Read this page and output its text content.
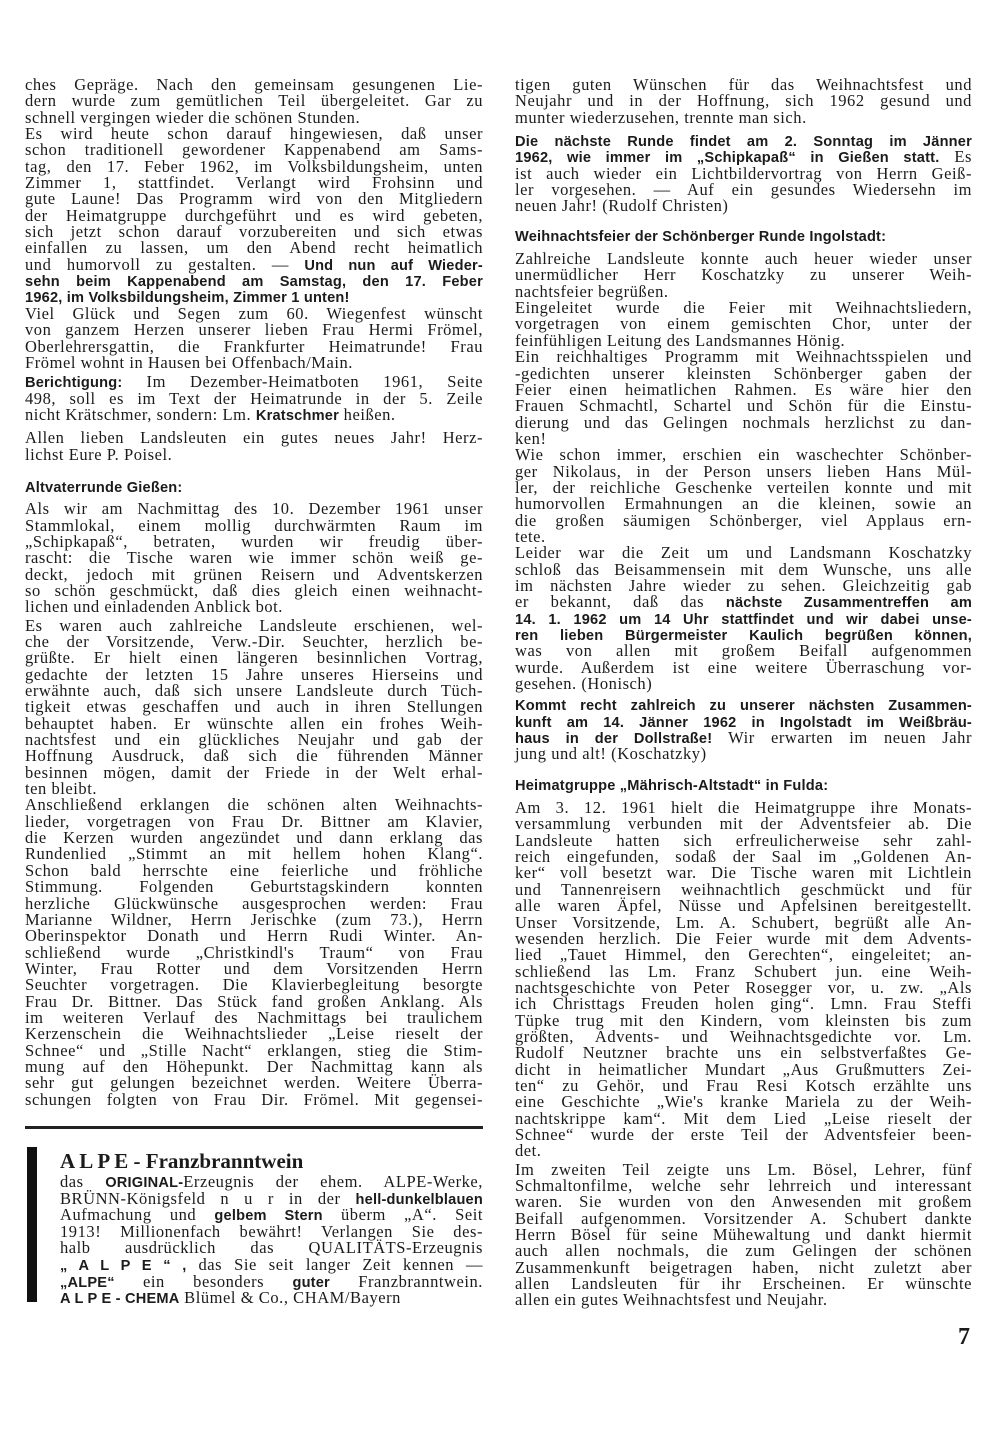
ches Gepräge. Nach den gemeinsam gesungenen Lie-
dern wurde zum gemütlichen Teil übergeleitet. Gar zu
schnell vergingen wieder die schönen Stunden.
Es wird heute schon darauf hingewiesen, daß unser
schon traditionell gewordener Kappenabend am Sams-
tag, den 17. Feber 1962, im Volksbildungsheim, unten
Zimmer 1, stattfindet. Verlangt wird Frohsinn und
gute Laune! Das Programm wird von den Mitgliedern
der Heimatgruppe durchgeführt und es wird gebeten,
sich jetzt schon darauf vorzubereiten und sich etwas
einfallen zu lassen, um den Abend recht heimatlich
und humorvoll zu gestalten. — Und nun auf Wieder-
sehn beim Kappenabend am Samstag, den 17. Feber
1962, im Volksbildungsheim, Zimmer 1 unten!
Viel Glück und Segen zum 60. Wiegenfest wünscht
von ganzem Herzen unserer lieben Frau Hermi Frömel,
Oberlehrersgattin, die Frankfurter Heimatrunde! Frau
Frömel wohnt in Hausen bei Offenbach/Main.
Berichtigung: Im Dezember-Heimatboten 1961, Seite
498, soll es im Text der Heimatrunde in der 5. Zeile
nicht Krätschmer, sondern: Lm. Kratschmer heißen.
Allen lieben Landsleuten ein gutes neues Jahr! Herz-
lichst Eure P. Poisel.
Altvaterrunde Gießen:
Als wir am Nachmittag des 10. Dezember 1961 unser
Stammlokal, einem mollig durchwärmten Raum im
„Schipkapaß“, betraten, wurden wir freudig über-
rascht: die Tische waren wie immer schön weiß ge-
deckt, jedoch mit grünen Reisern und Adventskerzen
so schön geschmückt, daß dies gleich einen weihnacht-
lichen und einladenden Anblick bot.
Es waren auch zahlreiche Landsleute erschienen, wel-
che der Vorsitzende, Verw.-Dir. Seuchter, herzlich be-
grüßte. Er hielt einen längeren besinnlichen Vortrag,
gedachte der letzten 15 Jahre unseres Hierseins und
erwähnte auch, daß sich unsere Landsleute durch Tüch-
tigkeit etwas geschaffen und auch in ihren Stellungen
behauptet haben. Er wünschte allen ein frohes Weih-
nachtsfest und ein glückliches Neujahr und gab der
Hoffnung Ausdruck, daß sich die führenden Männer
besinnen mögen, damit der Friede in der Welt erhal-
ten bleibt.
Anschließend erklangen die schönen alten Weihnachts-
lieder, vorgetragen von Frau Dr. Bittner am Klavier,
die Kerzen wurden angezündet und dann erklang das
Rundenlied „Stimmt an mit hellem hohen Klang“.
Schon bald herrschte eine feierliche und fröhliche
Stimmung. Folgenden Geburtstagskindern konnten
herzliche Glückwünsche ausgesprochen werden: Frau
Marianne Wildner, Herrn Jerischke (zum 73.), Herrn
Oberinspektor Donath und Herrn Rudi Winter. An-
schließend wurde „Christkindl's Traum“ von Frau
Winter, Frau Rotter und dem Vorsitzenden Herrn
Seuchter vorgetragen. Die Klavierbegleitung besorgte
Frau Dr. Bittner. Das Stück fand großen Anklang. Als
im weiteren Verlauf des Nachmittags bei traulichem
Kerzenschein die Weihnachtslieder „Leise rieselt der
Schnee“ und „Stille Nacht“ erklangen, stieg die Stim-
mung auf den Höhepunkt. Der Nachmittag kann als
sehr gut gelungen bezeichnet werden. Weitere Überra-
schungen folgten von Frau Dir. Frömel. Mit gegensei-
tigen guten Wünschen für das Weihnachtsfest und
Neujahr und in der Hoffnung, sich 1962 gesund und
munter wiederzusehen, trennte man sich.
Die nächste Runde findet am 2. Sonntag im Jänner
1962, wie immer im „Schipkapaß“ in Gießen statt. Es
ist auch wieder ein Lichtbildervortrag von Herrn Geiß-
ler vorgesehen. — Auf ein gesundes Wiedersehn im
neuen Jahr! (Rudolf Christen)
Weihnachtsfeier der Schönberger Runde Ingolstadt:
Zahlreiche Landsleute konnte auch heuer wieder unser
unermüdlicher Herr Koschatzky zu unserer Weih-
nachtsfeier begrüßen.
Eingeleitet wurde die Feier mit Weihnachtsliedern,
vorgetragen von einem gemischten Chor, unter der
feinfühligen Leitung des Landsmannes Hönig.
Ein reichhaltiges Programm mit Weihnachtsspielen und
-gedichten unserer kleinsten Schönberger gaben der
Feier einen heimatlichen Rahmen. Es wäre hier den
Frauen Schmachtl, Schartel und Schön für die Einstu-
dierung und das Gelingen nochmals herzlichst zu dan-
ken!
Wie schon immer, erschien ein waschechter Schönber-
ger Nikolaus, in der Person unsers lieben Hans Mül-
ler, der reichliche Geschenke verteilen konnte und mit
humorvollen Ermahnungen an die kleinen, sowie an
die großen säumigen Schönberger, viel Applaus ern-
tete.
Leider war die Zeit um und Landsmann Koschatzky
schloß das Beisammensein mit dem Wunsche, uns alle
im nächsten Jahre wieder zu sehen. Gleichzeitig gab
er bekannt, daß das nächste Zusammentreffen am
14. 1. 1962 um 14 Uhr stattfindet und wir dabei unse-
ren lieben Bürgermeister Kaulich begrüßen können,
was von allen mit großem Beifall aufgenommen
wurde. Außerdem ist eine weitere Überraschung vor-
gesehen. (Honisch)
Kommt recht zahlreich zu unserer nächsten Zusammen-
kunft am 14. Jänner 1962 in Ingolstadt im Weißbräu-
haus in der Dollstraße! Wir erwarten im neuen Jahr
jung und alt! (Koschatzky)
Heimatgruppe „Mährisch-Altstadt“ in Fulda:
Am 3. 12. 1961 hielt die Heimatgruppe ihre Monats-
versammlung verbunden mit der Adventsfeier ab. Die
Landsleute hatten sich erfreulicherweise sehr zahl-
reich eingefunden, sodaß der Saal im „Goldenen An-
ker“ voll besetzt war. Die Tische waren mit Lichtlein
und Tannenreisern weihnachtlich geschmückt und für
alle waren Äpfel, Nüsse und Apfelsinen bereitgestellt.
Unser Vorsitzende, Lm. A. Schubert, begrüßt alle An-
wesenden herzlich. Die Feier wurde mit dem Advents-
lied „Tauet Himmel, den Gerechten“, eingeleitet; an-
schließend las Lm. Franz Schubert jun. eine Weih-
nachtsgeschichte von Peter Rosegger vor, u. zw. „Als
ich Christtags Freuden holen ging“. Lmn. Frau Steffi
Tüpke trug mit den Kindern, vom kleinsten bis zum
größten, Advents- und Weihnachtsgedichte vor. Lm.
Rudolf Neutzner brachte uns ein selbstverfaßtes Ge-
dicht in heimatlicher Mundart „Aus Grußmutters Zei-
ten“ zu Gehör, und Frau Resi Kotsch erzählte uns
eine Geschichte „Wie's kranke Mariela zu der Weih-
nachtskrippe kam“. Mit dem Lied „Leise rieselt der
Schnee“ wurde der erste Teil der Adventsfeier been-
det.
Im zweiten Teil zeigte uns Lm. Bösel, Lehrer, fünf
Schmaltonfilme, welche sehr lehrreich und interessant
waren. Sie wurden von den Anwesenden mit großem
Beifall aufgenommen. Vorsitzender A. Schubert dankte
Herrn Bösel für seine Mühewaltung und dankt hiermit
auch allen nochmals, die zum Gelingen der schönen
Zusammenkunft beigetragen haben, nicht zuletzt aber
allen Landsleuten für ihr Erscheinen. Er wünschte
allen ein gutes Weihnachtsfest und Neujahr.
A L P E - Franzbranntwein
das ORIGINAL-Erzeugnis der ehem. ALPE-Werke,
BRÜNN-Königsfeld n u r in der hell-dunkelblauen
Aufmachung und gelbem Stern überm „A“. Seit
1913! Millionenfach bewährt! Verlangen Sie des-
halb ausdrücklich das QUALITÄTS-Erzeugnis
„ A L P E “ , das Sie seit langer Zeit kennen —
„ALPE“ ein besonders guter Franzbranntwein.
A L P E - CHEMA Blümel & Co., CHAM/Bayern
7
